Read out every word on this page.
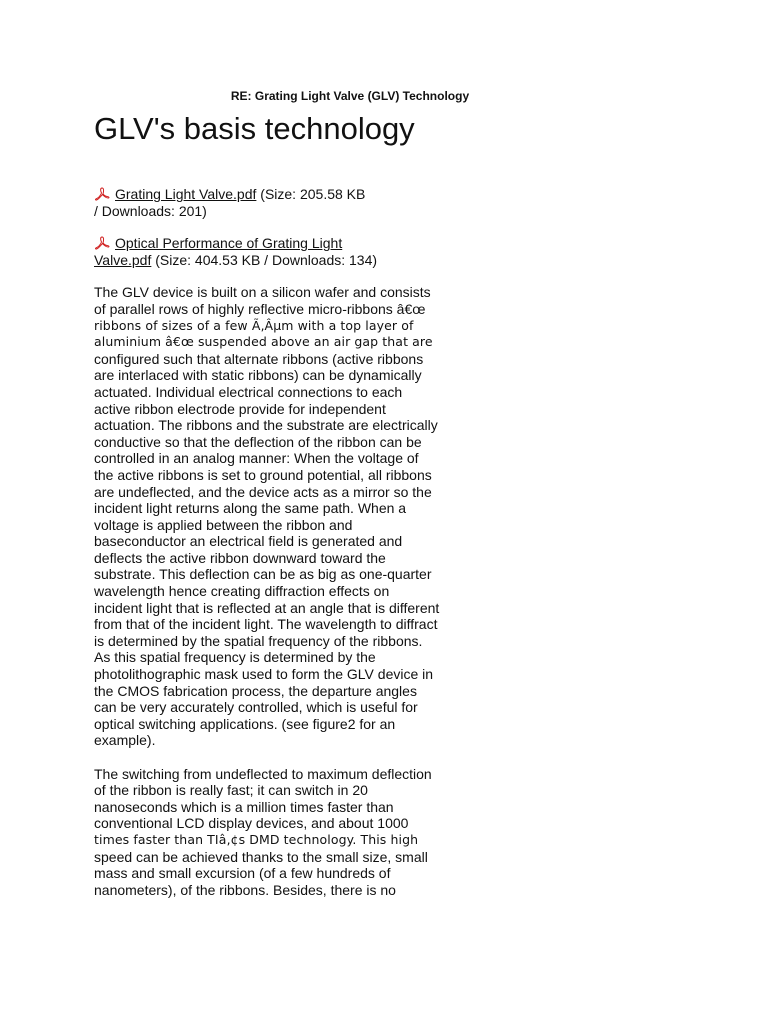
RE: Grating Light Valve (GLV) Technology
GLV's basis technology
Grating Light Valve.pdf (Size: 205.58 KB
/ Downloads: 201)
Optical Performance of Grating Light
Valve.pdf (Size: 404.53 KB / Downloads: 134)

The GLV device is built on a silicon wafer and consists
of parallel rows of highly reflective micro-ribbons â€œ
ribbons of sizes of a few Ã‚Âµm with a top layer of
aluminium â€œ suspended above an air gap that are
configured such that alternate ribbons (active ribbons
are interlaced with static ribbons) can be dynamically
actuated. Individual electrical connections to each
active ribbon electrode provide for independent
actuation. The ribbons and the substrate are electrically
conductive so that the deflection of the ribbon can be
controlled in an analog manner: When the voltage of
the active ribbons is set to ground potential, all ribbons
are undeflected, and the device acts as a mirror so the
incident light returns along the same path. When a
voltage is applied between the ribbon and
baseconductor an electrical field is generated and
deflects the active ribbon downward toward the
substrate. This deflection can be as big as one-quarter
wavelength hence creating diffraction effects on
incident light that is reflected at an angle that is different
from that of the incident light. The wavelength to diffract
is determined by the spatial frequency of the ribbons.
As this spatial frequency is determined by the
photolithographic mask used to form the GLV device in
the CMOS fabrication process, the departure angles
can be very accurately controlled, which is useful for
optical switching applications. (see figure2 for an
example).

The switching from undeflected to maximum deflection
of the ribbon is really fast; it can switch in 20
nanoseconds which is a million times faster than
conventional LCD display devices, and about 1000
times faster than TIâ‚¢s DMD technology. This high
speed can be achieved thanks to the small size, small
mass and small excursion (of a few hundreds of
nanometers), of the ribbons. Besides, there is no
